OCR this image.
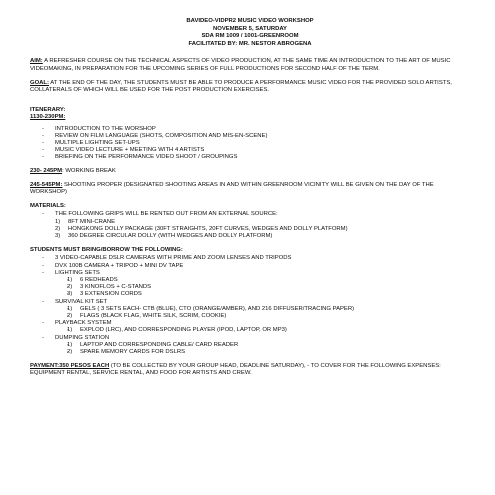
BAVIDEO-VIDPR2 MUSIC VIDEO WORKSHOP
NOVEMBER 5, SATURDAY
SDA RM 1009 / 1001-GREENROOM
FACILITATED BY: MR. NESTOR ABROGENA

AIM: A REFRESHER COURSE ON THE TECHNICAL ASPECTS OF VIDEO PRODUCTION, AT THE SAME TIME AN INTRODUCTION TO THE ART OF MUSIC VIDEOMAKING, IN PREPARATION FOR THE UPCOMING SERIES OF FULL PRODUCTIONS FOR SECOND HALF OF THE TERM.

GOAL: AT THE END OF THE DAY, THE STUDENTS MUST BE ABLE TO PRODUCE A PERFORMANCE MUSIC VIDEO FOR THE PROVIDED SOLO ARTISTS, COLLATERALS OF WHICH WILL BE USED FOR THE POST PRODUCTION EXERCISES.

ITENERARY:
1130-230PM:
- INTRODUCTION TO THE WORSHOP
- REVIEW ON FILM LANGUAGE (SHOTS, COMPOSITION AND MIS-EN-SCENE)
- MULTIPLE LIGHTING SET-UPS
- MUSIC VIDEO LECTURE + MEETING WITH 4 ARTISTS
- BRIEFING ON THE PERFORMANCE VIDEO SHOOT / GROUPINGS

230- 245PM: WORKING BREAK

245-545PM: SHOOTING PROPER (DESIGNATED SHOOTING AREAS IN AND WITHIN GREENROOM VICINITY WILL BE GIVEN ON THE DAY OF THE WORKSHOP)

MATERIALS:
- THE FOLLOWING GRIPS WILL BE RENTED OUT FROM AN EXTERNAL SOURCE:
1) 8FT MINI-CRANE
2) HONGKONG DOLLY PACKAGE (30FT STRAIGHTS, 20FT CURVES, WEDGES AND DOLLY PLATFORM)
3) 360 DEGREE CIRCULAR DOLLY (WITH WEDGES AND DOLLY PLATFORM)
STUDENTS MUST BRING/BORROW THE FOLLOWING:
- 3 VIDEO-CAPABLE DSLR CAMERAS WITH PRIME AND ZOOM LENSES AND TRIPODS
- DVX 100B CAMERA + TRIPOD + MINI DV TAPE
- LIGHTING SETS
- 1) 6 REDHEADS
- 2) 3 KINOFLOS + C-STANDS
- 3) 3 EXTENSION CORDS
- SURVIVAL KIT SET
- 1) GELS ( 3 SETS EACH- CTB (BLUE), CTO (ORANGE/AMBER), AND 216 DIFFUSER/TRACING PAPER)
- 2) FLAGS (BLACK FLAG, WHITE SILK, SCRIM, COOKIE)
- PLAYBACK SYSTEM
- 1) EXPLOD (LRC), AND CORRESPONDING PLAYER (IPOD, LAPTOP, OR MP3)
- DUMPING STATION
- 1) LAPTOP AND CORRESPONDING CABLE/ CARD READER
- 2) SPARE MEMORY CARDS FOR DSLRS

PAYMENT:350 PESOS EACH (TO BE COLLECTED BY YOUR GROUP HEAD, DEADLINE SATURDAY), - TO COVER FOR THE FOLLOWING EXPENSES: EQUIPMENT RENTAL, SERVICE RENTAL, AND FOOD FOR ARTISTS AND CREW.
